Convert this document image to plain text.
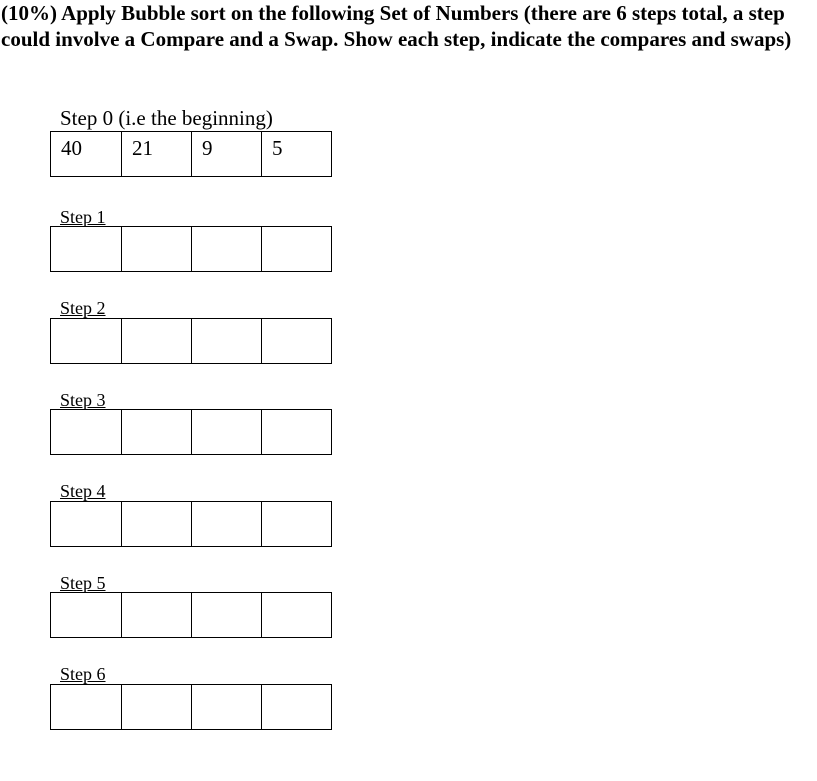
(10%) Apply Bubble sort on the following Set of Numbers (there are 6 steps total, a step could involve a Compare and a Swap. Show each step, indicate the compares and swaps)

Step 0 (i.e the beginning)
40	21	9	5
Step 1
Step 2
Step 3
Step 4
Step 5
Step 6
